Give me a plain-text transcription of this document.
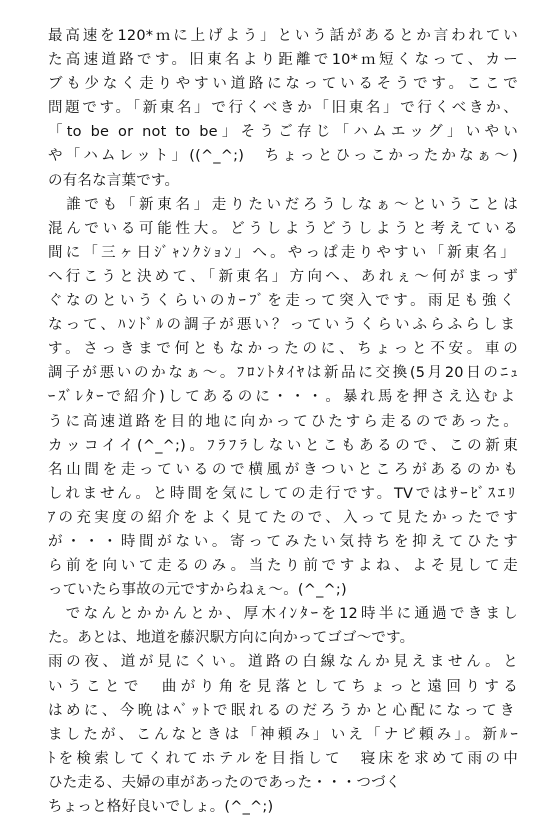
最高速を120*ｍに上げよう」という話があるとか言われてい
た高速道路です。旧東名より距離で10*ｍ短くなって、カー
ブも少なく走りやすい道路になっているそうです。ここで
問題です。「新東名」で行くべきか「旧東名」で行くべきか、
「to be or not to be」そうご存じ「ハムエッグ」いやい
や「ハムレット」((^_^;)　ちょっとひっこかったかなぁ～)
の有名な言葉です。
　誰でも「新東名」走りたいだろうしなぁ～ということは
混んでいる可能性大。どうしようどうしようと考えている
間に「三ヶ日ｼﾞｬﾝｸｼｮﾝ」へ。やっぱ走りやすい「新東名」
へ行こうと決めて、「新東名」方向へ、あれぇ～何がまっず
ぐなのというくらいのｶｰﾌﾞを走って突入です。雨足も強く
なって、ﾊﾝﾄﾞﾙの調子が悪い？っていうくらいふらふらしま
す。さっきまで何ともなかったのに、ちょっと不安。車の
調子が悪いのかなぁ～。ﾌﾛﾝﾄﾀｲﾔは新品に交換(5月20日のﾆｭ
ｰｽﾞﾚﾀｰで紹介)してあるのに・・・。暴れ馬を押さえ込むよ
うに高速道路を目的地に向かってひたすら走るのであった。
カッコイイ(^_^;)。ﾌﾗﾌﾗしないとこもあるので、この新東
名山間を走っているので横風がきついところがあるのかも
しれません。と時間を気にしての走行です。TVではｻｰﾋﾞｽｴﾘ
ｱの充実度の紹介をよく見てたので、入って見たかったです
が・・・時間がない。寄ってみたい気持ちを抑えてひたす
ら前を向いて走るのみ。当たり前ですよね、よそ見して走
っていたら事故の元ですからねぇ～。(^_^;)
　でなんとかかんとか、厚木ｲﾝﾀｰを12時半に通過できまし
た。あとは、地道を藤沢駅方向に向かってゴゴ～です。
雨の夜、道が見にくい。道路の白線なんか見えません。と
いうことで　曲がり角を見落としてちょっと遠回りする
はめに、今晩はﾍﾞｯﾄで眠れるのだろうかと心配になってき
ましたが、こんなときは「神頼み」いえ「ナビ頼み」。新ﾙｰ
ﾄを検索してくれてホテルを目指して　寝床を求めて雨の中
ひた走る、夫婦の車があったのであった・・・つづく
ちょっと格好良いでしょ。(^_^;)
